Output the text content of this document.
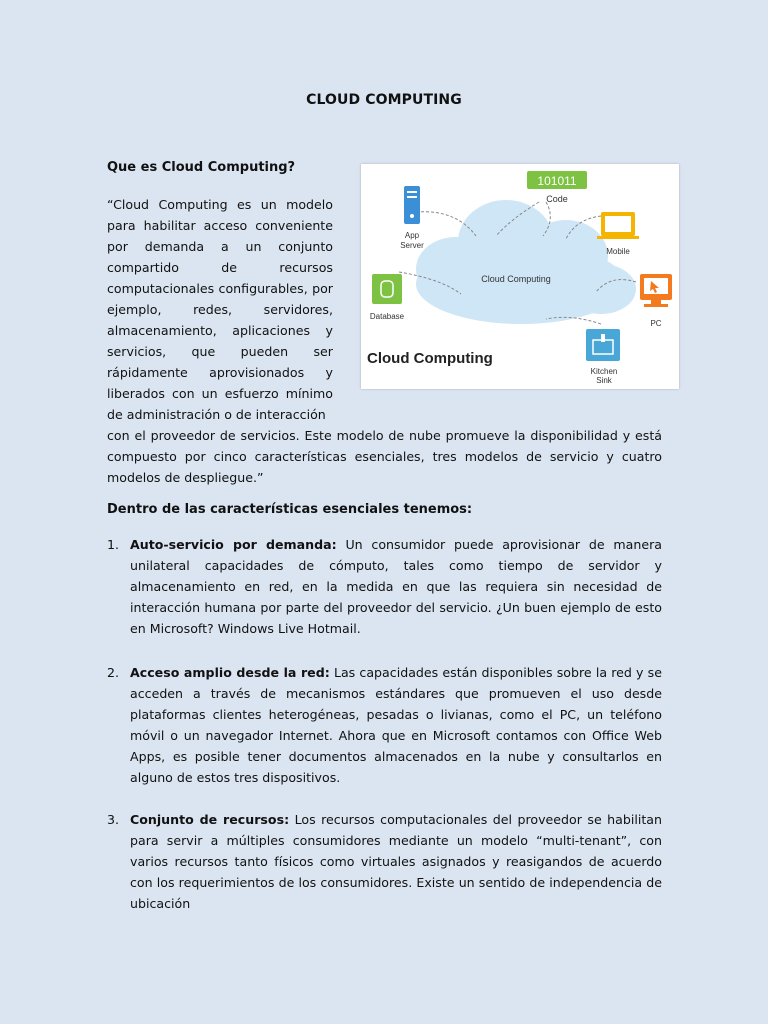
CLOUD COMPUTING
Que es Cloud Computing?
“Cloud Computing es un modelo para habilitar acceso conveniente por demanda a un conjunto compartido de recursos computacionales configurables, por ejemplo, redes, servidores, almacenamiento, aplicaciones y servicios, que pueden ser rápidamente aprovisionados y liberados con un esfuerzo mínimo de administración o de interacción
Cloud Computing
101011
Code
App
Server
Mobile
Database
PC
Kitchen
Sink
Cloud Computing
con el proveedor de servicios. Este modelo de nube promueve la disponibilidad y está compuesto por cinco características esenciales, tres modelos de servicio y cuatro modelos de despliegue.”
Dentro de las características esenciales tenemos:
1. Auto-servicio por demanda: Un consumidor puede aprovisionar de manera unilateral capacidades de cómputo, tales como tiempo de servidor y almacenamiento en red, en la medida en que las requiera sin necesidad de interacción humana por parte del proveedor del servicio. ¿Un buen ejemplo de esto en Microsoft? Windows Live Hotmail.
2. Acceso amplio desde la red: Las capacidades están disponibles sobre la red y se acceden a través de mecanismos estándares que promueven el uso desde plataformas clientes heterogéneas, pesadas o livianas, como el PC, un teléfono móvil o un navegador Internet. Ahora que en Microsoft contamos con Office Web Apps, es posible tener documentos almacenados en la nube y consultarlos en alguno de estos tres dispositivos.
3. Conjunto de recursos: Los recursos computacionales del proveedor se habilitan para servir a múltiples consumidores mediante un modelo “multi-tenant”, con varios recursos tanto físicos como virtuales asignados y reasigandos de acuerdo con los requerimientos de los consumidores. Existe un sentido de independencia de ubicación
